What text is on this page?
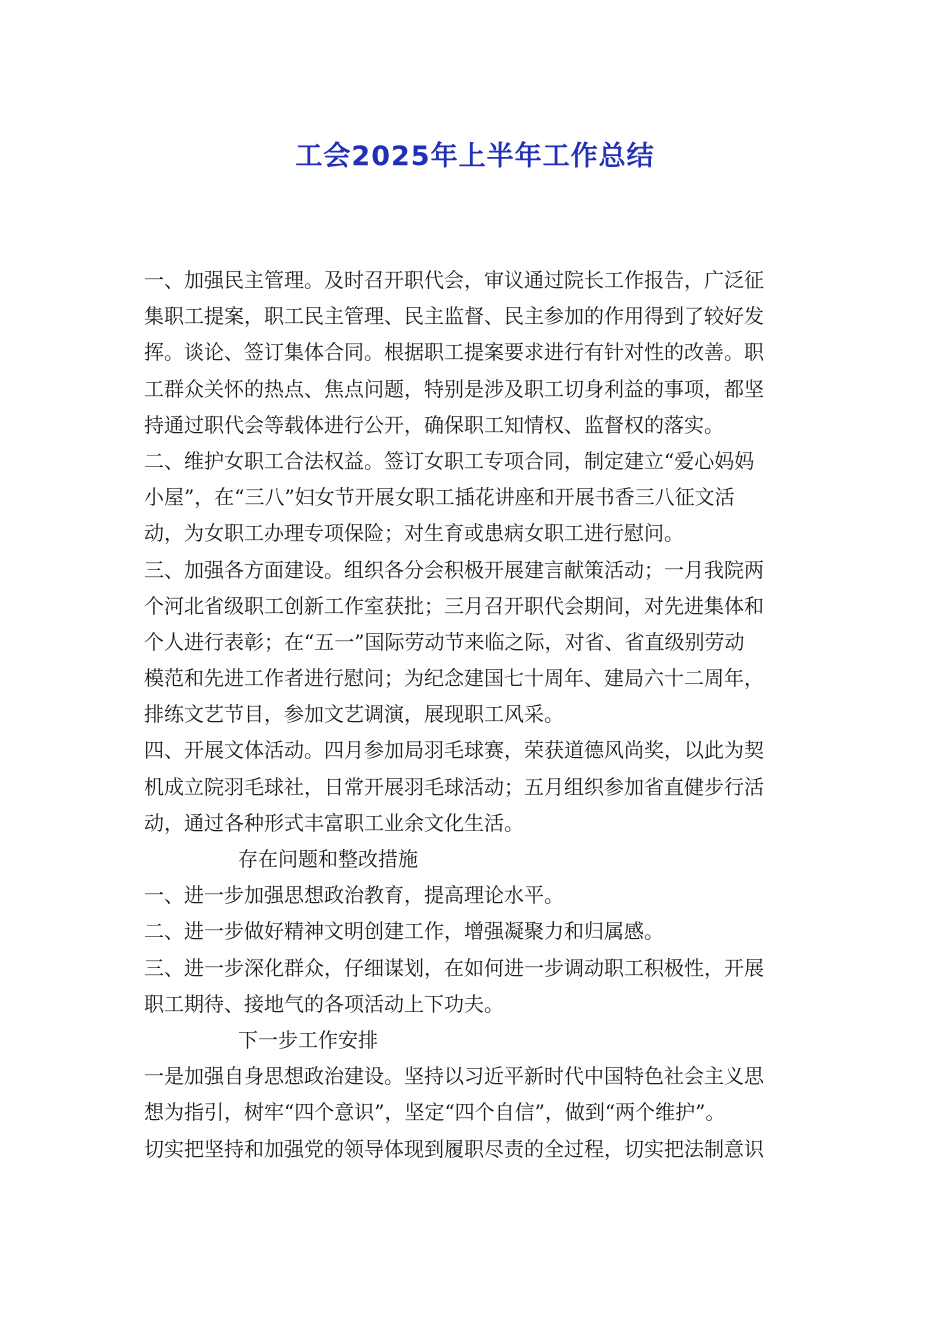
工会2025年上半年工作总结

一、加强民主管理。及时召开职代会，审议通过院长工作报告，广泛征

集职工提案，职工民主管理、民主监督、民主参加的作用得到了较好发

挥。谈论、签订集体合同。根据职工提案要求进行有针对性的改善。职

工群众关怀的热点、焦点问题，特别是涉及职工切身利益的事项，都坚

持通过职代会等载体进行公开，确保职工知情权、监督权的落实。

二、维护女职工合法权益。签订女职工专项合同，制定建立“爱心妈妈

小屋”，在“三八”妇女节开展女职工插花讲座和开展书香三八征文活

动，为女职工办理专项保险；对生育或患病女职工进行慰问。

三、加强各方面建设。组织各分会积极开展建言献策活动；一月我院两

个河北省级职工创新工作室获批；三月召开职代会期间，对先进集体和

个人进行表彰；在“五一”国际劳动节来临之际，对省、省直级别劳动

模范和先进工作者进行慰问；为纪念建国七十周年、建局六十二周年，

排练文艺节目，参加文艺调演，展现职工风采。

四、开展文体活动。四月参加局羽毛球赛，荣获道德风尚奖，以此为契

机成立院羽毛球社，日常开展羽毛球活动；五月组织参加省直健步行活

动，通过各种形式丰富职工业余文化生活。

存在问题和整改措施

一、进一步加强思想政治教育，提高理论水平。

二、进一步做好精神文明创建工作，增强凝聚力和归属感。

三、进一步深化群众，仔细谋划，在如何进一步调动职工积极性，开展

职工期待、接地气的各项活动上下功夫。

下一步工作安排

一是加强自身思想政治建设。坚持以习近平新时代中国特色社会主义思

想为指引，树牢“四个意识”，坚定“四个自信”，做到“两个维护”。

切实把坚持和加强党的领导体现到履职尽责的全过程，切实把法制意识
